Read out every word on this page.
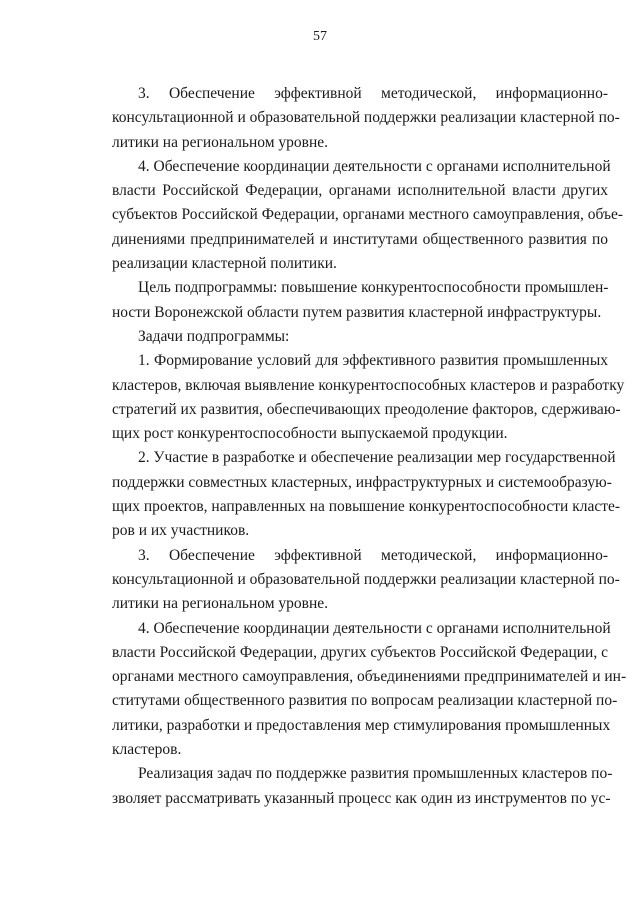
57
3. Обеспечение эффективной методической, информационно-
консультационной и образовательной поддержки реализации кластерной по-
литики на региональном уровне.
4. Обеспечение координации деятельности с органами исполнительной
власти Российской Федерации, органами исполнительной власти других
субъектов Российской Федерации, органами местного самоуправления, объе-
динениями предпринимателей и институтами общественного развития по
реализации кластерной политики.
Цель подпрограммы: повышение конкурентоспособности промышлен-
ности Воронежской области путем развития кластерной инфраструктуры.
Задачи подпрограммы:
1. Формирование условий для эффективного развития промышленных
кластеров, включая выявление конкурентоспособных кластеров и разработку
стратегий их развития, обеспечивающих преодоление факторов, сдерживаю-
щих рост конкурентоспособности выпускаемой продукции.
2. Участие в разработке и обеспечение реализации мер государственной
поддержки совместных кластерных, инфраструктурных и системообразую-
щих проектов, направленных на повышение конкурентоспособности класте-
ров и их участников.
3. Обеспечение эффективной методической, информационно-
консультационной и образовательной поддержки реализации кластерной по-
литики на региональном уровне.
4. Обеспечение координации деятельности с органами исполнительной
власти Российской Федерации, других субъектов Российской Федерации, с
органами местного самоуправления, объединениями предпринимателей и ин-
ститутами общественного развития по вопросам реализации кластерной по-
литики, разработки и предоставления мер стимулирования промышленных
кластеров.
Реализация задач по поддержке развития промышленных кластеров по-
зволяет рассматривать указанный процесс как один из инструментов по ус-
